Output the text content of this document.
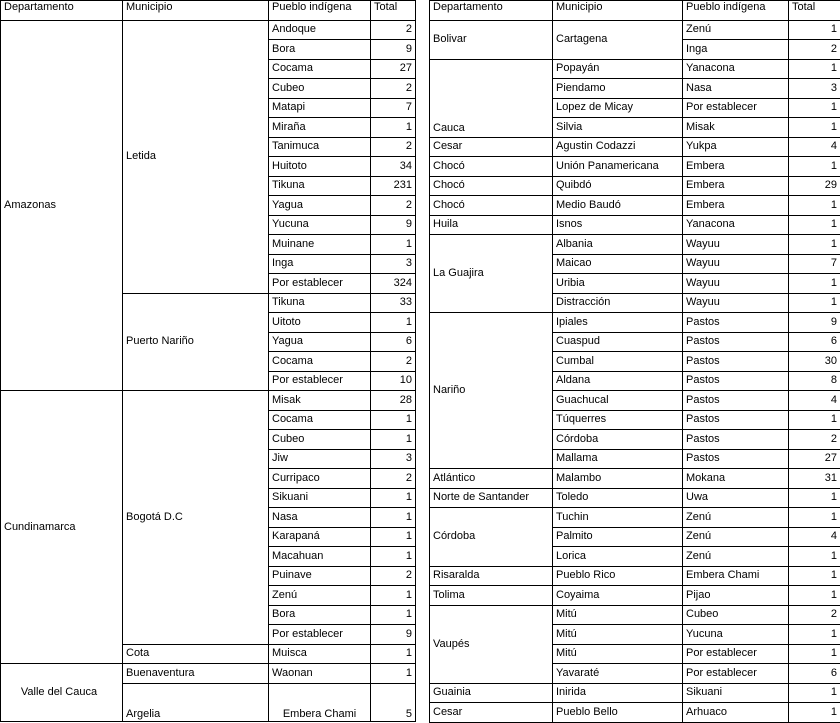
Departamento	Municipio	Pueblo indígena	Total
Amazonas	Letida	Andoque	2
		Bora	9
		Cocama	27
		Cubeo	2
		Matapi	7
		Miraña	1
		Tanimuca	2
		Huitoto	34
		Tikuna	231
		Yagua	2
		Yucuna	9
		Muinane	1
		Inga	3
		Por establecer	324
	Puerto Nariño	Tikuna	33
		Uitoto	1
		Yagua	6
		Cocama	2
		Por establecer	10
Cundinamarca	Bogotá D.C	Misak	28
		Cocama	1
		Cubeo	1
		Jiw	3
		Curripaco	2
		Sikuani	1
		Nasa	1
		Karapaná	1
		Macahuan	1
		Puinave	2
		Zenú	1
		Bora	1
		Por establecer	9
	Cota	Muisca	1
Valle del Cauca	Buenaventura	Waonan	1
	Argelia	Embera Chami	5
Departamento	Municipio	Pueblo indígena	Total
Bolivar	Cartagena	Zenú	1
		Inga	2
Cauca	Popayán	Yanacona	1
	Piendamo	Nasa	3
	Lopez de Micay	Por establecer	1
	Silvia	Misak	1
Cesar	Agustin Codazzi	Yukpa	4
Chocó	Unión Panamericana	Embera	1
Chocó	Quibdó	Embera	29
Chocó	Medio Baudó	Embera	1
Huila	Isnos	Yanacona	1
La Guajira	Albania	Wayuu	1
	Maicao	Wayuu	7
	Uribia	Wayuu	1
	Distracción	Wayuu	1
Nariño	Ipiales	Pastos	9
	Cuaspud	Pastos	6
	Cumbal	Pastos	30
	Aldana	Pastos	8
	Guachucal	Pastos	4
	Túquerres	Pastos	1
	Córdoba	Pastos	2
	Mallama	Pastos	27
Atlántico	Malambo	Mokana	31
Norte de Santander	Toledo	Uwa	1
Córdoba	Tuchin	Zenú	1
	Palmito	Zenú	4
	Lorica	Zenú	1
Risaralda	Pueblo Rico	Embera Chami	1
Tolima	Coyaima	Pijao	1
Vaupés	Mitú	Cubeo	2
	Mitú	Yucuna	1
	Mitú	Por establecer	1
	Yavaraté	Por establecer	6
Guainia	Inirida	Sikuani	1
Cesar	Pueblo Bello	Arhuaco	1
